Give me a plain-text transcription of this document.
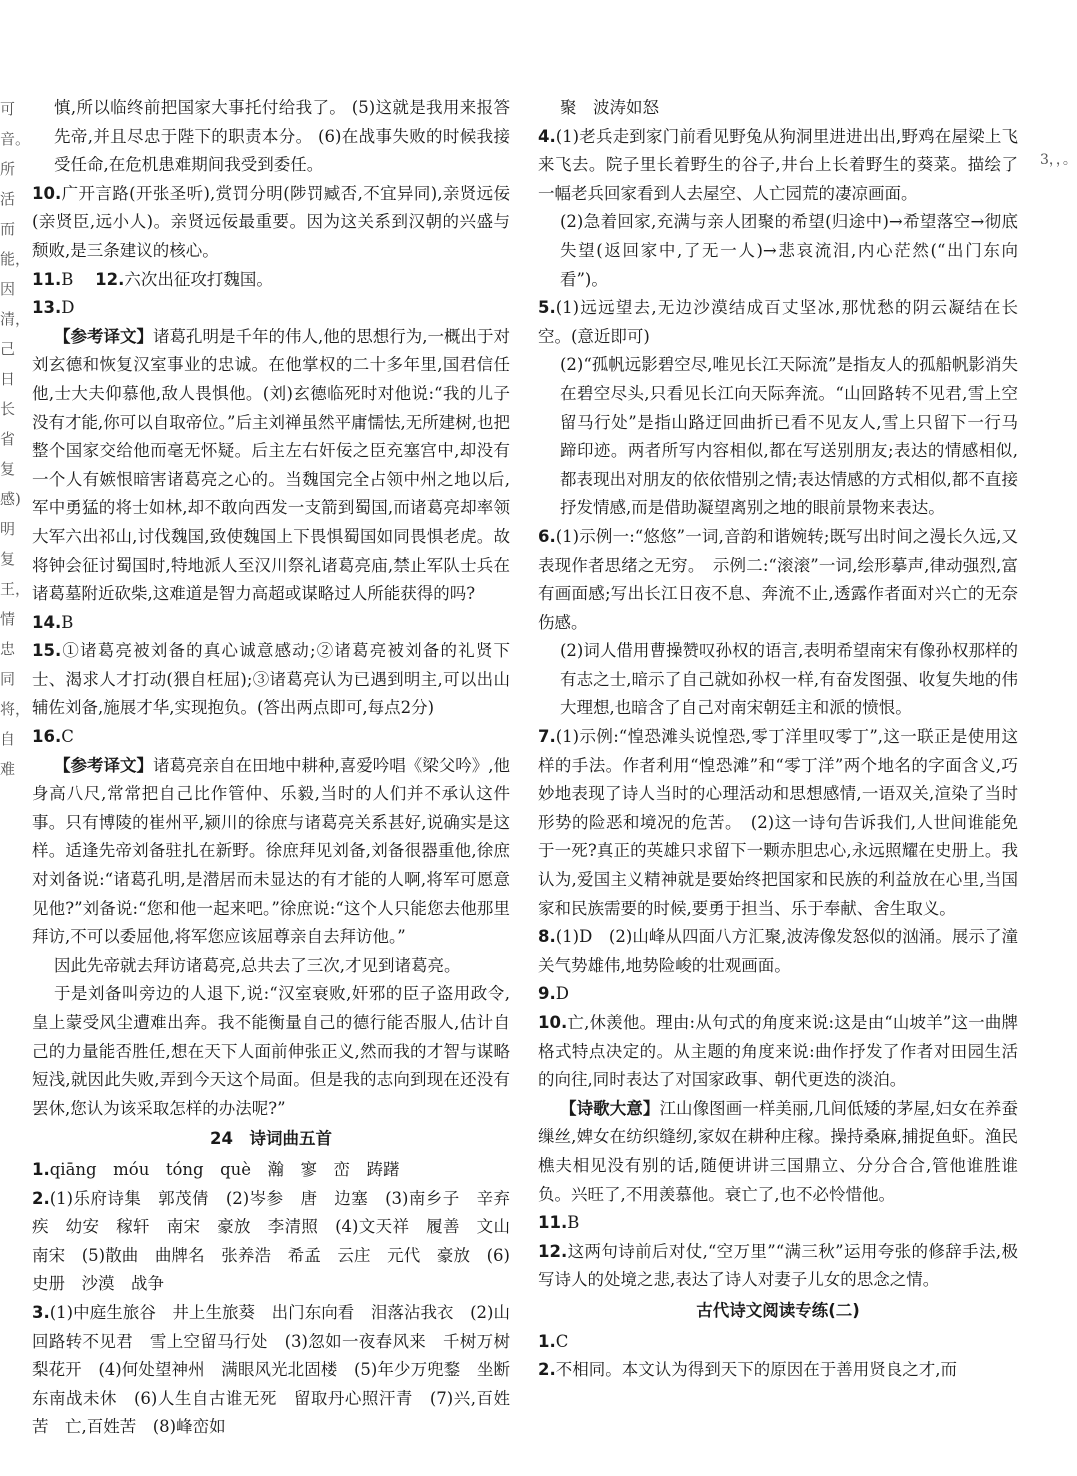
可音。所活而能，因清，己日长省复感)明复王，情忠同将，自难
3，，。

慎,所以临终前把国家大事托付给我了。 (5)这就是我用来报答先帝,并且尽忠于陛下的职责本分。 (6)在战事失败的时候我接受任命,在危机患难期间我受到委任。

10.广开言路(开张圣听),赏罚分明(陟罚臧否,不宜异同),亲贤远佞(亲贤臣,远小人)。亲贤远佞最重要。因为这关系到汉朝的兴盛与颓败,是三条建议的核心。

11.B　 12.六次出征攻打魏国。

13.D

【参考译文】诸葛孔明是千年的伟人,他的思想行为,一概出于对刘玄德和恢复汉室事业的忠诚。在他掌权的二十多年里,国君信任他,士大夫仰慕他,敌人畏惧他。(刘)玄德临死时对他说:“我的儿子没有才能,你可以自取帝位。”后主刘禅虽然平庸懦怯,无所建树,也把整个国家交给他而毫无怀疑。后主左右奸佞之臣充塞宫中,却没有一个人有嫉恨暗害诸葛亮之心的。当魏国完全占领中州之地以后,军中勇猛的将士如林,却不敢向西发一支箭到蜀国,而诸葛亮却率领大军六出祁山,讨伐魏国,致使魏国上下畏惧蜀国如同畏惧老虎。故将钟会征讨蜀国时,特地派人至汉川祭礼诸葛亮庙,禁止军队士兵在诸葛墓附近砍柴,这难道是智力高超或谋略过人所能获得的吗?

14.B

15.①诸葛亮被刘备的真心诚意感动;②诸葛亮被刘备的礼贤下士、渴求人才打动(猥自枉屈);③诸葛亮认为已遇到明主,可以出山辅佐刘备,施展才华,实现抱负。(答出两点即可,每点2分)

16.C

【参考译文】诸葛亮亲自在田地中耕种,喜爱吟唱《梁父吟》,他身高八尺,常常把自己比作管仲、乐毅,当时的人们并不承认这件事。只有博陵的崔州平,颍川的徐庶与诸葛亮关系甚好,说确实是这样。适逢先帝刘备驻扎在新野。徐庶拜见刘备,刘备很器重他,徐庶对刘备说:“诸葛孔明,是潜居而未显达的有才能的人啊,将军可愿意见他?”刘备说:“您和他一起来吧。”徐庶说:“这个人只能您去他那里拜访,不可以委屈他,将军您应该屈尊亲自去拜访他。”

因此先帝就去拜访诸葛亮,总共去了三次,才见到诸葛亮。

于是刘备叫旁边的人退下,说:“汉室衰败,奸邪的臣子盗用政令,皇上蒙受风尘遭难出奔。我不能衡量自己的德行能否服人,估计自己的力量能否胜任,想在天下人面前伸张正义,然而我的才智与谋略短浅,就因此失败,弄到今天这个局面。但是我的志向到现在还没有罢休,您认为该采取怎样的办法呢?”

24　诗词曲五首

1.qiāng　móu　tóng　què　瀚　寥　峦　踌躇

2.(1)乐府诗集　郭茂倩　(2)岑参　唐　边塞　(3)南乡子　辛弃疾　幼安　稼轩　南宋　豪放　李清照　(4)文天祥　履善　文山　南宋　(5)散曲　曲牌名　张养浩　希孟　云庄　元代　豪放　(6)史册　沙漠　战争

3.(1)中庭生旅谷　井上生旅葵　出门东向看　泪落沾我衣　(2)山回路转不见君　雪上空留马行处　(3)忽如一夜春风来　千树万树梨花开　(4)何处望神州　满眼风光北固楼　(5)年少万兜鍪　坐断东南战未休　(6)人生自古谁无死　留取丹心照汗青　(7)兴,百姓苦　亡,百姓苦　(8)峰峦如

聚　波涛如怒

4.(1)老兵走到家门前看见野兔从狗洞里进进出出,野鸡在屋梁上飞来飞去。院子里长着野生的谷子,井台上长着野生的葵菜。描绘了一幅老兵回家看到人去屋空、人亡园荒的凄凉画面。

(2)急着回家,充满与亲人团聚的希望(归途中)→希望落空→彻底失望(返回家中,了无一人)→悲哀流泪,内心茫然(“出门东向看”)。

5.(1)远远望去,无边沙漠结成百丈坚冰,那忧愁的阴云凝结在长空。(意近即可)

(2)“孤帆远影碧空尽,唯见长江天际流”是指友人的孤船帆影消失在碧空尽头,只看见长江向天际奔流。“山回路转不见君,雪上空留马行处”是指山路迂回曲折已看不见友人,雪上只留下一行马蹄印迹。两者所写内容相似,都在写送别朋友;表达的情感相似,都表现出对朋友的依依惜别之情;表达情感的方式相似,都不直接抒发情感,而是借助凝望离别之地的眼前景物来表达。

6.(1)示例一:“悠悠”一词,音韵和谐婉转;既写出时间之漫长久远,又表现作者思绪之无穷。　示例二:“滚滚”一词,绘形摹声,律动强烈,富有画面感;写出长江日夜不息、奔流不止,透露作者面对兴亡的无奈伤感。

(2)词人借用曹操赞叹孙权的语言,表明希望南宋有像孙权那样的有志之士,暗示了自己就如孙权一样,有奋发图强、收复失地的伟大理想,也暗含了自己对南宋朝廷主和派的愤恨。

7.(1)示例:“惶恐滩头说惶恐,零丁洋里叹零丁”,这一联正是使用这样的手法。作者利用“惶恐滩”和“零丁洋”两个地名的字面含义,巧妙地表现了诗人当时的心理活动和思想感情,一语双关,渲染了当时形势的险恶和境况的危苦。　(2)这一诗句告诉我们,人世间谁能免于一死?真正的英雄只求留下一颗赤胆忠心,永远照耀在史册上。我认为,爱国主义精神就是要始终把国家和民族的利益放在心里,当国家和民族需要的时候,要勇于担当、乐于奉献、舍生取义。

8.(1)D　(2)山峰从四面八方汇聚,波涛像发怒似的汹涌。展示了潼关气势雄伟,地势险峻的壮观画面。

9.D

10.亡,休羡他。理由:从句式的角度来说:这是由“山坡羊”这一曲牌格式特点决定的。从主题的角度来说:曲作抒发了作者对田园生活的向往,同时表达了对国家政事、朝代更迭的淡泊。

【诗歌大意】江山像图画一样美丽,几间低矮的茅屋,妇女在养蚕缫丝,婢女在纺织缝纫,家奴在耕种庄稼。操持桑麻,捕捉鱼虾。渔民樵夫相见没有别的话,随便讲讲三国鼎立、分分合合,管他谁胜谁负。兴旺了,不用羡慕他。衰亡了,也不必怜惜他。

11.B

12.这两句诗前后对仗,“空万里”“满三秋”运用夸张的修辞手法,极写诗人的处境之悲,表达了诗人对妻子儿女的思念之情。

古代诗文阅读专练(二)

1.C

2.不相同。本文认为得到天下的原因在于善用贤良之才,而
